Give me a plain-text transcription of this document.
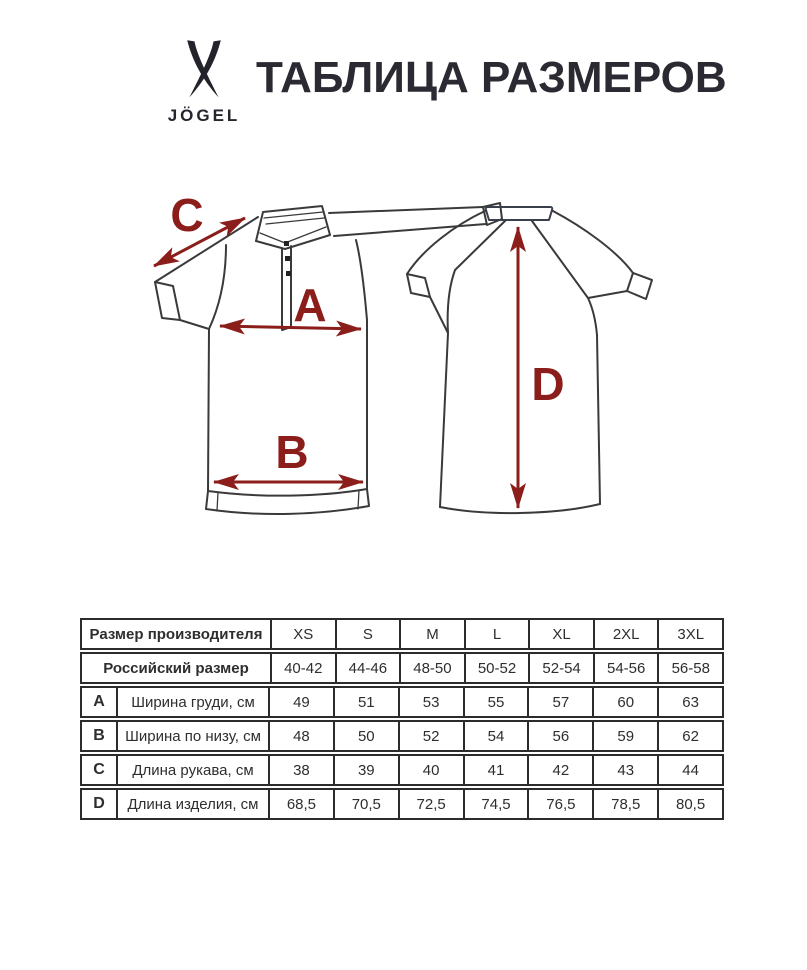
JÖGEL
ТАБЛИЦА РАЗМЕРОВ
A
B
C
D
Размер производителя	XS	S	M	L	XL	2XL	3XL
Российский размер	40-42	44-46	48-50	50-52	52-54	54-56	56-58
A	Ширина груди, см	49	51	53	55	57	60	63
B	Ширина по низу, см	48	50	52	54	56	59	62
C	Длина рукава, см	38	39	40	41	42	43	44
D	Длина изделия, см	68,5	70,5	72,5	74,5	76,5	78,5	80,5
